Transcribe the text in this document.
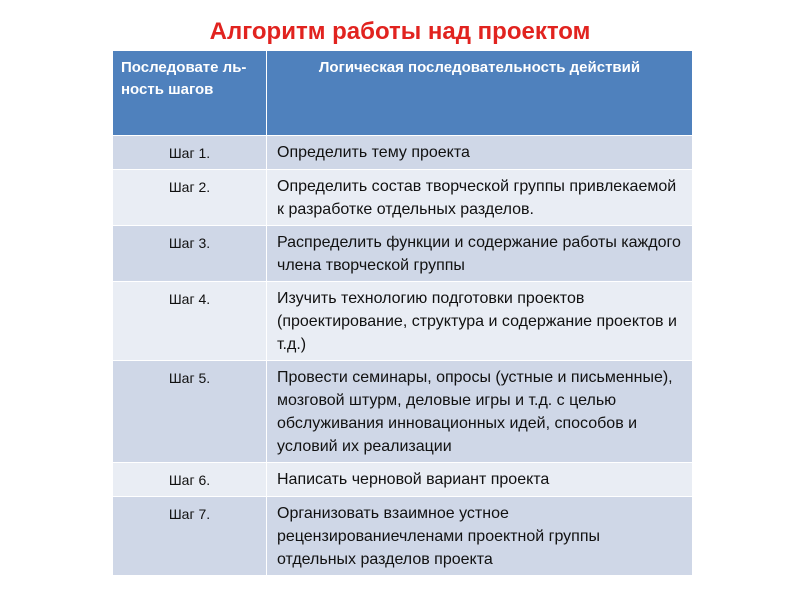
Алгоритм работы над проектом
Последовате ль-ность шагов	Логическая последовательность действий
Шаг 1.	Определить тему проекта
Шаг 2.	Определить состав творческой группы привлекаемой к разработке отдельных разделов.
Шаг 3.	Распределить функции и содержание работы каждого члена творческой группы
Шаг 4.	Изучить технологию подготовки проектов (проектирование, структура и содержание проектов и т.д.)
Шаг 5.	Провести семинары, опросы (устные и письменные), мозговой штурм, деловые игры и т.д. с целью обслуживания инновационных идей, способов и условий их реализации
Шаг 6.	Написать черновой вариант проекта
Шаг 7.	Организовать взаимное устное рецензированиечленами проектной группы отдельных разделов проекта
